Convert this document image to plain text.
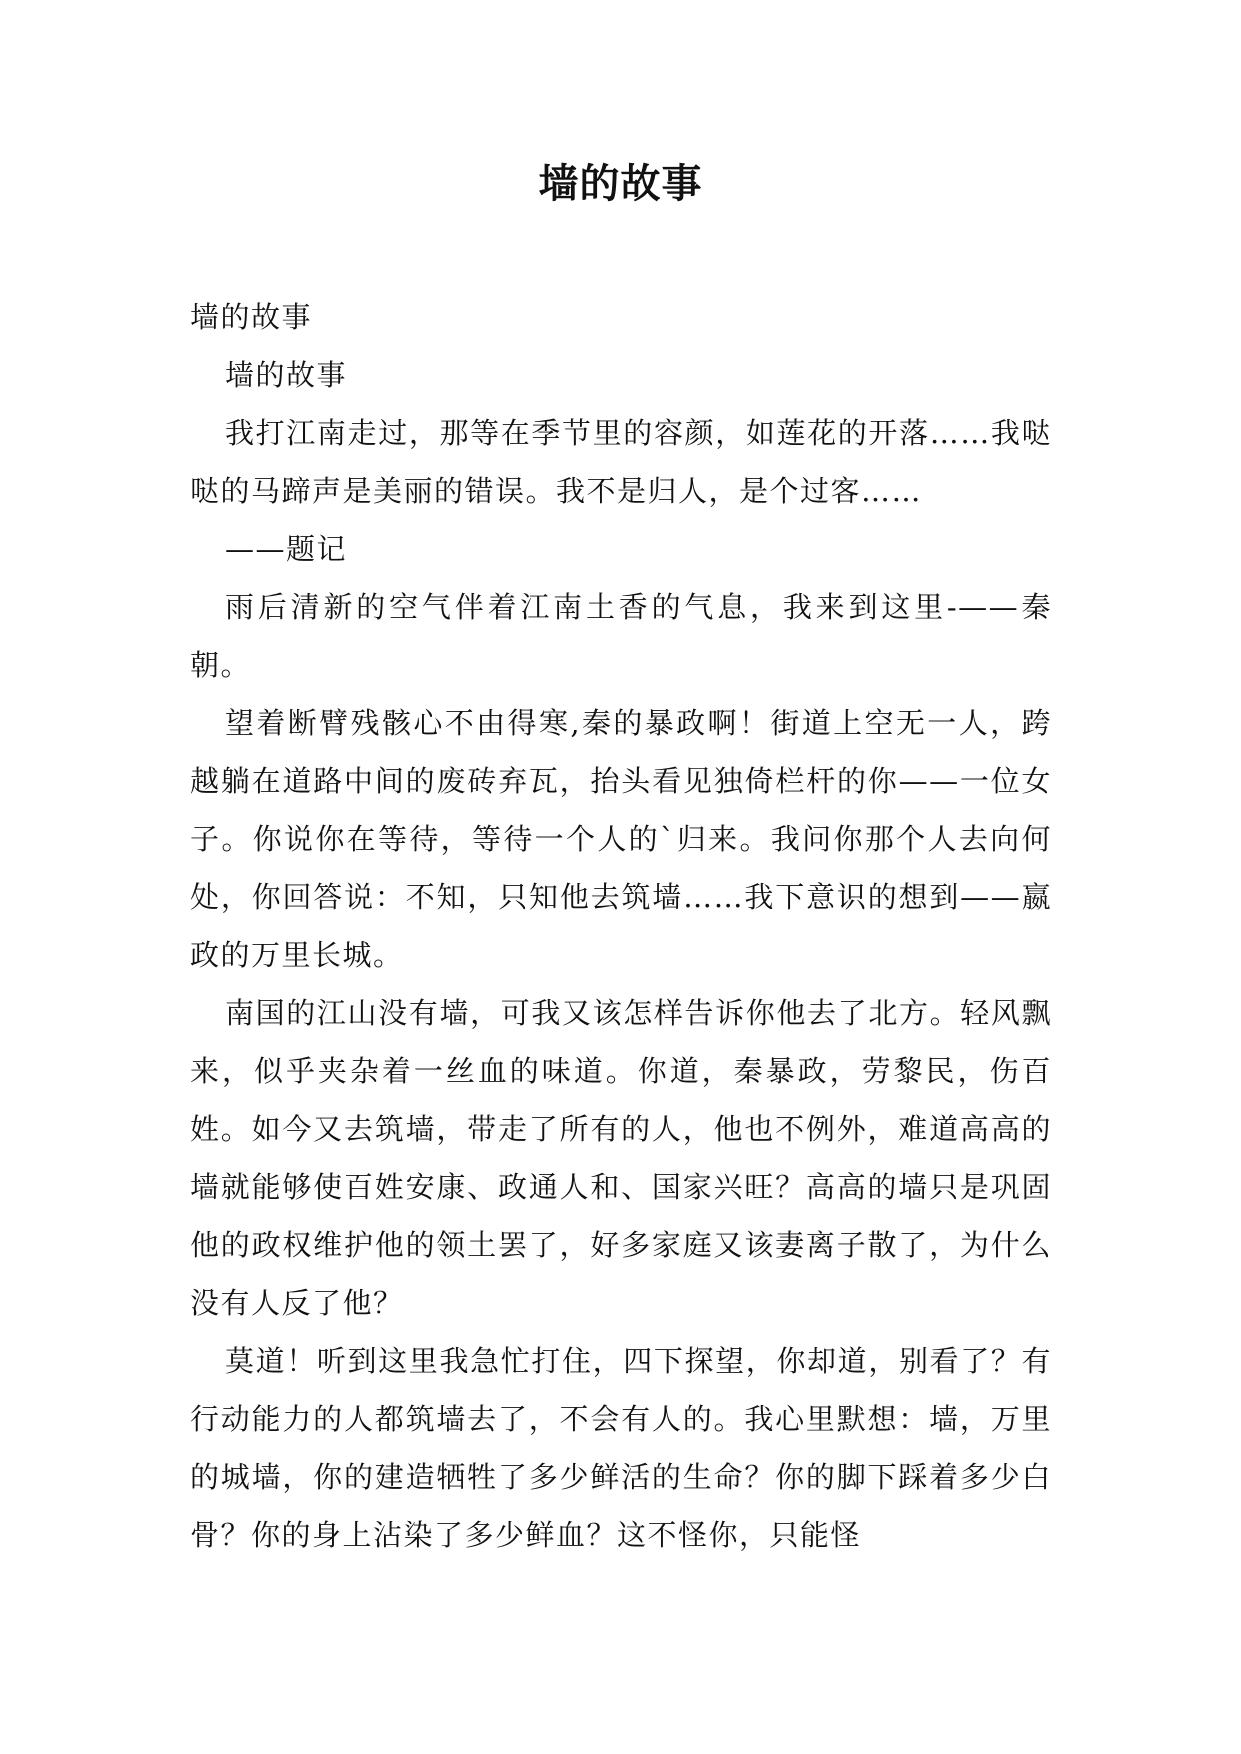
墙的故事

墙的故事

墙的故事

我打江南走过，那等在季节里的容颜，如莲花的开落……我哒哒的马蹄声是美丽的错误。我不是归人，是个过客……

——题记

雨后清新的空气伴着江南土香的气息，我来到这里-——秦朝。

望着断臂残骸心不由得寒,秦的暴政啊！街道上空无一人，跨越躺在道路中间的废砖弃瓦，抬头看见独倚栏杆的你——一位女子。你说你在等待，等待一个人的`归来。我问你那个人去向何处，你回答说：不知，只知他去筑墙……我下意识的想到——嬴政的万里长城。

南国的江山没有墙，可我又该怎样告诉你他去了北方。轻风飘来，似乎夹杂着一丝血的味道。你道，秦暴政，劳黎民，伤百姓。如今又去筑墙，带走了所有的人，他也不例外，难道高高的墙就能够使百姓安康、政通人和、国家兴旺？高高的墙只是巩固他的政权维护他的领土罢了，好多家庭又该妻离子散了，为什么没有人反了他？

莫道！听到这里我急忙打住，四下探望，你却道，别看了？有行动能力的人都筑墙去了，不会有人的。我心里默想：墙，万里的城墙，你的建造牺牲了多少鲜活的生命？你的脚下踩着多少白骨？你的身上沾染了多少鲜血？这不怪你，只能怪
